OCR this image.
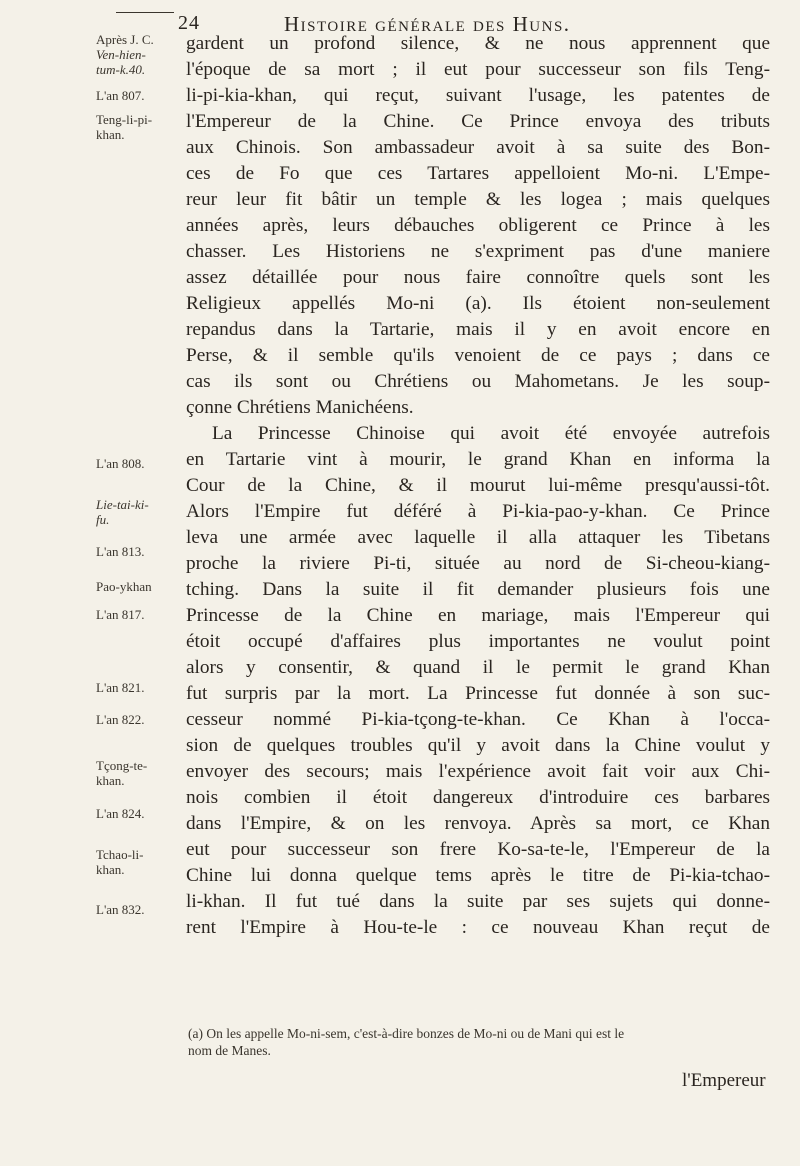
24	Histoire générale des Huns.
Après J. C.
Ven-hien-
tum-k.40.
L'an 807.
Teng-li-pi-
khan.
L'an 808.
Lie-tai-ki-
fu.
L'an 813.
Pao-ykhan
L'an 817.
L'an 821.
L'an 822.
Tçong-te-
khan.
L'an 824.
Tchao-li-
khan.
L'an 832.
gardent un profond silence, & ne nous apprennent que
l'époque de sa mort ; il eut pour successeur son fils Teng-
li-pi-kia-khan, qui reçut, suivant l'usage, les patentes de
l'Empereur de la Chine. Ce Prince envoya des tributs
aux Chinois. Son ambassadeur avoit à sa suite des Bon-
ces de Fo que ces Tartares appelloient Mo-ni. L'Empe-
reur leur fit bâtir un temple & les logea ; mais quelques
années après, leurs débauches obligerent ce Prince à les
chasser. Les Historiens ne s'expriment pas d'une maniere
assez détaillée pour nous faire connoître quels sont les
Religieux appellés Mo-ni (a). Ils étoient non-seulement
repandus dans la Tartarie, mais il y en avoit encore en
Perse, & il semble qu'ils venoient de ce pays ; dans ce
cas ils sont ou Chrétiens ou Mahometans. Je les soup-
çonne Chrétiens Manichéens.
La Princesse Chinoise qui avoit été envoyée autrefois
en Tartarie vint à mourir, le grand Khan en informa la
Cour de la Chine, & il mourut lui-même presqu'aussi-tôt.
Alors l'Empire fut déféré à Pi-kia-pao-y-khan. Ce Prince
leva une armée avec laquelle il alla attaquer les Tibetans
proche la riviere Pi-ti, située au nord de Si-cheou-kiang-
tching. Dans la suite il fit demander plusieurs fois une
Princesse de la Chine en mariage, mais l'Empereur qui
étoit occupé d'affaires plus importantes ne voulut point
alors y consentir, & quand il le permit le grand Khan
fut surpris par la mort. La Princesse fut donnée à son suc-
cesseur nommé Pi-kia-tçong-te-khan. Ce Khan à l'occa-
sion de quelques troubles qu'il y avoit dans la Chine voulut y
envoyer des secours; mais l'expérience avoit fait voir aux Chi-
nois combien il étoit dangereux d'introduire ces barbares
dans l'Empire, & on les renvoya. Après sa mort, ce Khan
eut pour successeur son frere Ko-sa-te-le, l'Empereur de la
Chine lui donna quelque tems après le titre de Pi-kia-tchao-
li-khan. Il fut tué dans la suite par ses sujets qui donne-
rent l'Empire à Hou-te-le : ce nouveau Khan reçut de
(a) On les appelle Mo-ni-sem, c'est-à-dire bonzes de Mo-ni ou de Mani qui est le
nom de Manes.
l'Empereur
